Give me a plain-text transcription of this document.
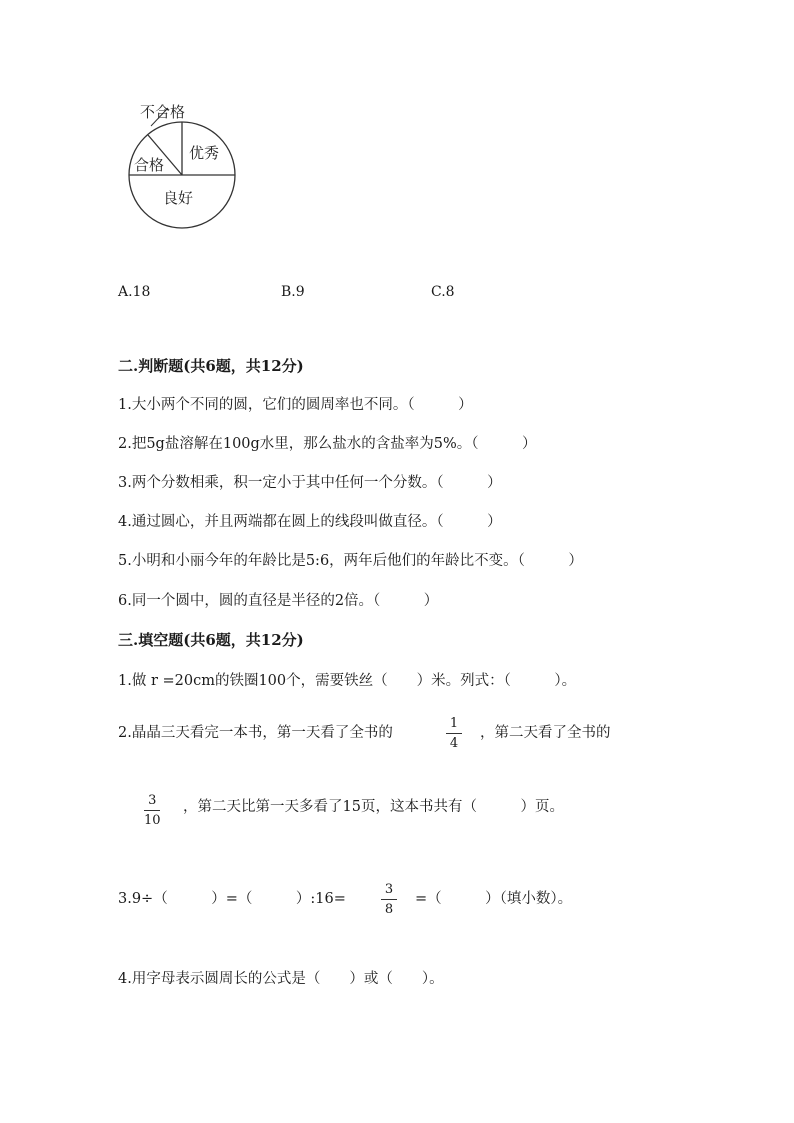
不合格
合格
优秀
良好
A.18	B.9	C.8
二.判断题(共6题，共12分)
1.大小两个不同的圆，它们的圆周率也不同。（　　　）
2.把5g盐溶解在100g水里，那么盐水的含盐率为5%。（　　　）
3.两个分数相乘，积一定小于其中任何一个分数。（　　　）
4.通过圆心，并且两端都在圆上的线段叫做直径。（　　　）
5.小明和小丽今年的年龄比是5:6，两年后他们的年龄比不变。（　　　）
6.同一个圆中，圆的直径是半径的2倍。（　　　）
三.填空题(共6题，共12分)
1.做 r =20cm的铁圈100个，需要铁丝（　　）米。列式：（　　　）。
2.晶晶三天看完一本书，第一天看了全书的
1
4
，第二天看了全书的
3
10
，第二天比第一天多看了15页，这本书共有（　　　）页。
3.9÷（　　　）=（　　　）:16=
3
8
=（　　　）（填小数）。
4.用字母表示圆周长的公式是（　　）或（　　）。
